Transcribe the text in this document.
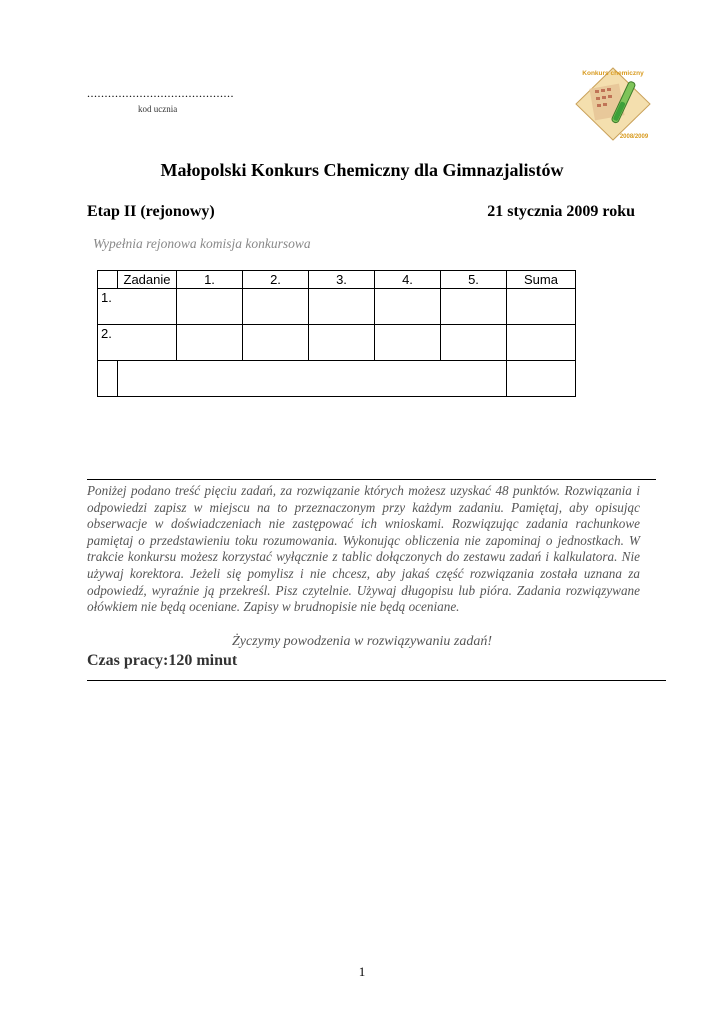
..........................................
kod ucznia
Konkurs chemiczny
2008/2009
Małopolski Konkurs Chemiczny dla Gimnazjalistów
Etap II (rejonowy)	21 stycznia 2009 roku
Wypełnia rejonowa komisja konkursowa
	Zadanie	1.	2.	3.	4.	5.	Suma
1.							
2.							

Poniżej podano treść pięciu zadań, za rozwiązanie których możesz uzyskać 48 punktów. Rozwiązania i odpowiedzi zapisz w miejscu na to przeznaczonym przy każdym zadaniu. Pamiętaj, aby opisując obserwacje w doświadczeniach nie zastępować ich wnioskami. Rozwiązując zadania rachunkowe pamiętaj o przedstawieniu toku rozumowania. Wykonując obliczenia nie zapominaj o jednostkach. W trakcie konkursu możesz korzystać wyłącznie z tablic dołączonych do zestawu zadań i kalkulatora. Nie używaj korektora. Jeżeli się pomylisz i nie chcesz, aby jakaś część rozwiązania została uznana za odpowiedź, wyraźnie ją przekreśl. Pisz czytelnie. Używaj długopisu lub pióra. Zadania rozwiązywane ołówkiem nie będą oceniane. Zapisy w brudnopisie nie będą oceniane.
Życzymy powodzenia w rozwiązywaniu zadań!
Czas pracy:120 minut
1
